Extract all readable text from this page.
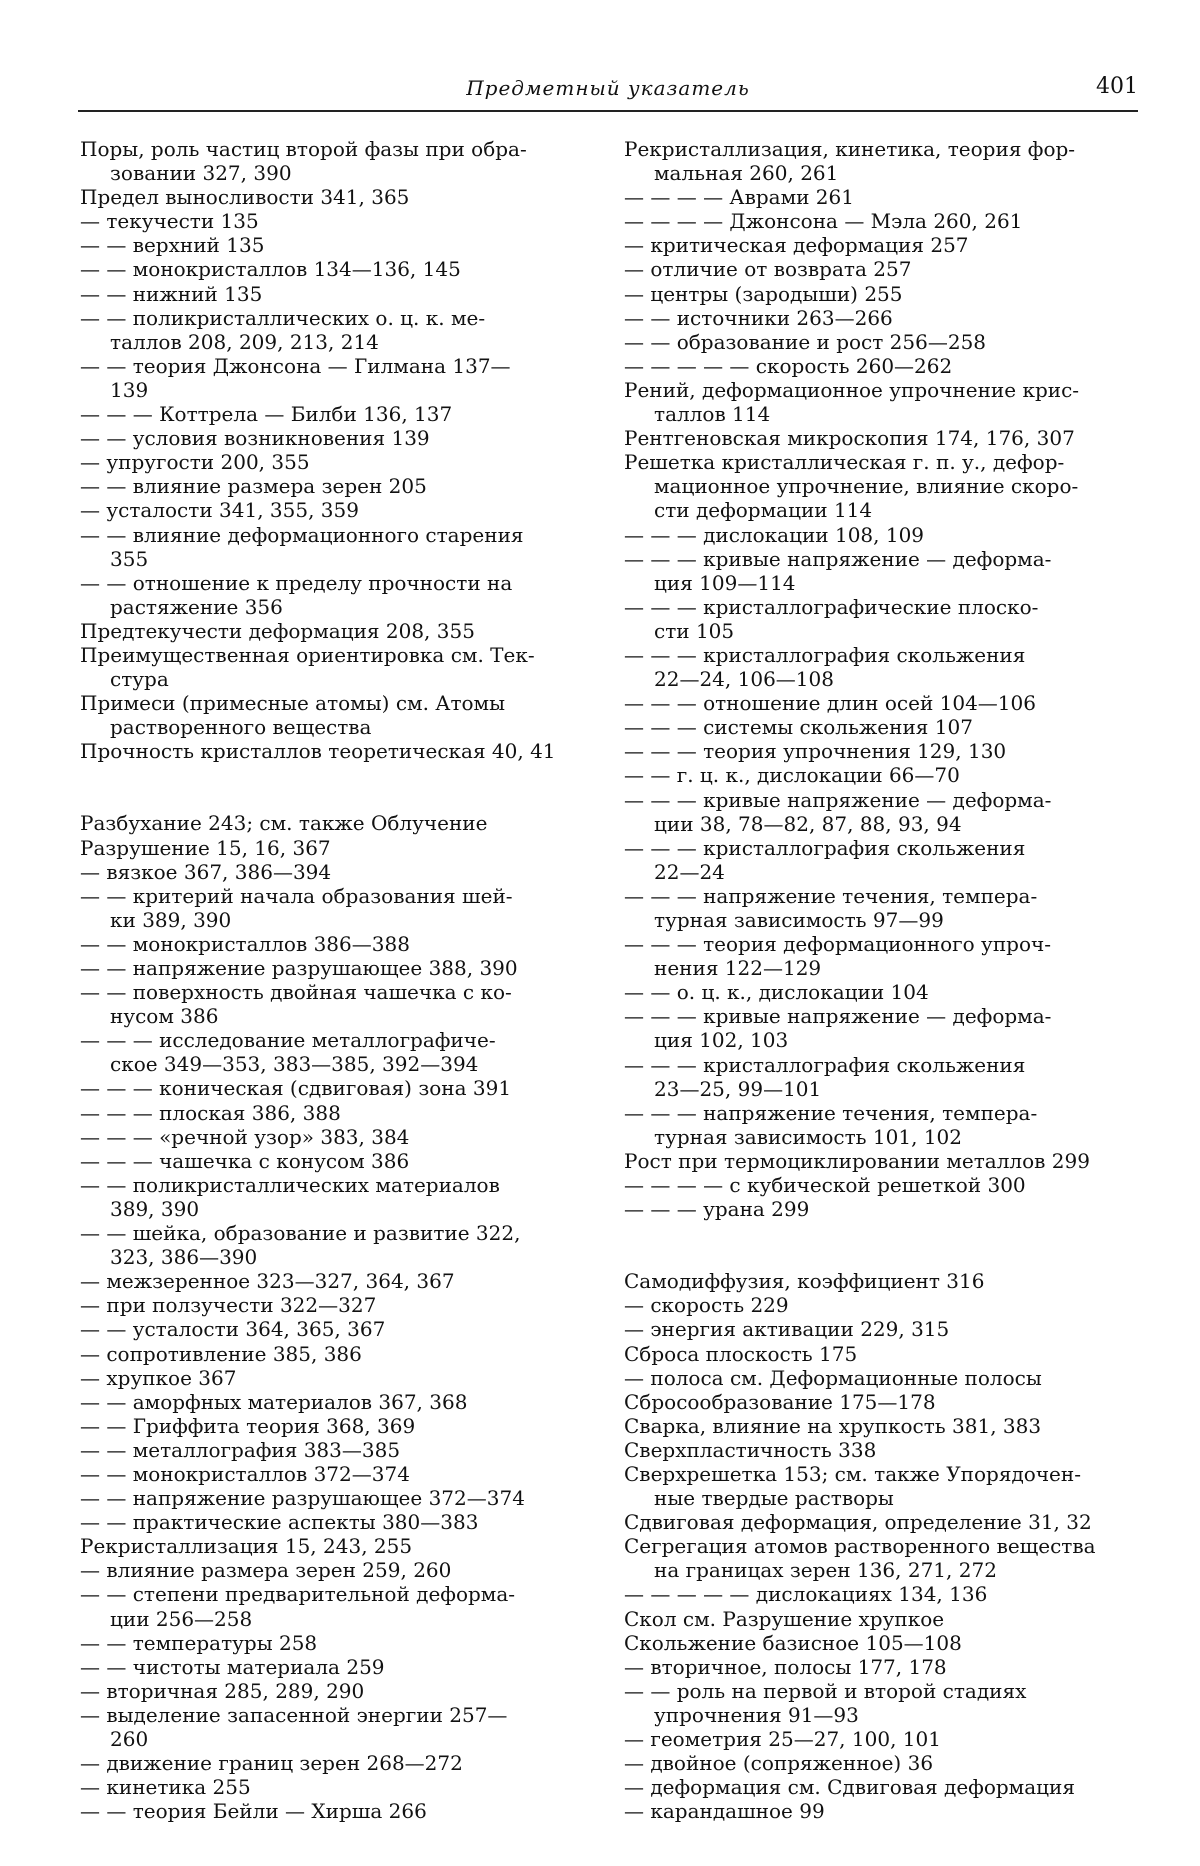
Предметный указатель	401
Поры, роль частиц второй фазы при обра-
зовании 327, 390
Предел выносливости 341, 365
— текучести 135
— — верхний 135
— — монокристаллов 134—136, 145
— — нижний 135
— — поликристаллических о. ц. к. ме-
таллов 208, 209, 213, 214
— — теория Джонсона — Гилмана 137—
139
— — — Коттрела — Билби 136, 137
— — условия возникновения 139
— упругости 200, 355
— — влияние размера зерен 205
— усталости 341, 355, 359
— — влияние деформационного старения
355
— — отношение к пределу прочности на
растяжение 356
Предтекучести деформация 208, 355
Преимущественная ориентировка см. Тек-
стура
Примеси (примесные атомы) см. Атомы
растворенного вещества
Прочность кристаллов теоретическая 40, 41
Разбухание 243; см. также Облучение
Разрушение 15, 16, 367
— вязкое 367, 386—394
— — критерий начала образования шей-
ки 389, 390
— — монокристаллов 386—388
— — напряжение разрушающее 388, 390
— — поверхность двойная чашечка с ко-
нусом 386
— — — исследование металлографиче-
ское 349—353, 383—385, 392—394
— — — коническая (сдвиговая) зона 391
— — — плоская 386, 388
— — — «речной узор» 383, 384
— — — чашечка с конусом 386
— — поликристаллических материалов
389, 390
— — шейка, образование и развитие 322,
323, 386—390
— межзеренное 323—327, 364, 367
— при ползучести 322—327
— — усталости 364, 365, 367
— сопротивление 385, 386
— хрупкое 367
— — аморфных материалов 367, 368
— — Гриффита теория 368, 369
— — металлография 383—385
— — монокристаллов 372—374
— — напряжение разрушающее 372—374
— — практические аспекты 380—383
Рекристаллизация 15, 243, 255
— влияние размера зерен 259, 260
— — степени предварительной деформа-
ции 256—258
— — температуры 258
— — чистоты материала 259
— вторичная 285, 289, 290
— выделение запасенной энергии 257—
260
— движение границ зерен 268—272
— кинетика 255
— — теория Бейли — Хирша 266
Рекристаллизация, кинетика, теория фор-
мальная 260, 261
— — — — Аврами 261
— — — — Джонсона — Мэла 260, 261
— критическая деформация 257
— отличие от возврата 257
— центры (зародыши) 255
— — источники 263—266
— — образование и рост 256—258
— — — — — скорость 260—262
Рений, деформационное упрочнение крис-
таллов 114
Рентгеновская микроскопия 174, 176, 307
Решетка кристаллическая г. п. у., дефор-
мационное упрочнение, влияние скоро-
сти деформации 114
— — — дислокации 108, 109
— — — кривые напряжение — деформа-
ция 109—114
— — — кристаллографические плоско-
сти 105
— — — кристаллография скольжения
22—24, 106—108
— — — отношение длин осей 104—106
— — — системы скольжения 107
— — — теория упрочнения 129, 130
— — г. ц. к., дислокации 66—70
— — — кривые напряжение — деформа-
ции 38, 78—82, 87, 88, 93, 94
— — — кристаллография скольжения
22—24
— — — напряжение течения, темпера-
турная зависимость 97—99
— — — теория деформационного упроч-
нения 122—129
— — о. ц. к., дислокации 104
— — — кривые напряжение — деформа-
ция 102, 103
— — — кристаллография скольжения
23—25, 99—101
— — — напряжение течения, темпера-
турная зависимость 101, 102
Рост при термоциклировании металлов 299
— — — — с кубической решеткой 300
— — — урана 299
Самодиффузия, коэффициент 316
— скорость 229
— энергия активации 229, 315
Сброса плоскость 175
— полоса см. Деформационные полосы
Сбросообразование 175—178
Сварка, влияние на хрупкость 381, 383
Сверхпластичность 338
Сверхрешетка 153; см. также Упорядочен-
ные твердые растворы
Сдвиговая деформация, определение 31, 32
Сегрегация атомов растворенного вещества
на границах зерен 136, 271, 272
— — — — — дислокациях 134, 136
Скол см. Разрушение хрупкое
Скольжение базисное 105—108
— вторичное, полосы 177, 178
— — роль на первой и второй стадиях
упрочнения 91—93
— геометрия 25—27, 100, 101
— двойное (сопряженное) 36
— деформация см. Сдвиговая деформация
— карандашное 99
